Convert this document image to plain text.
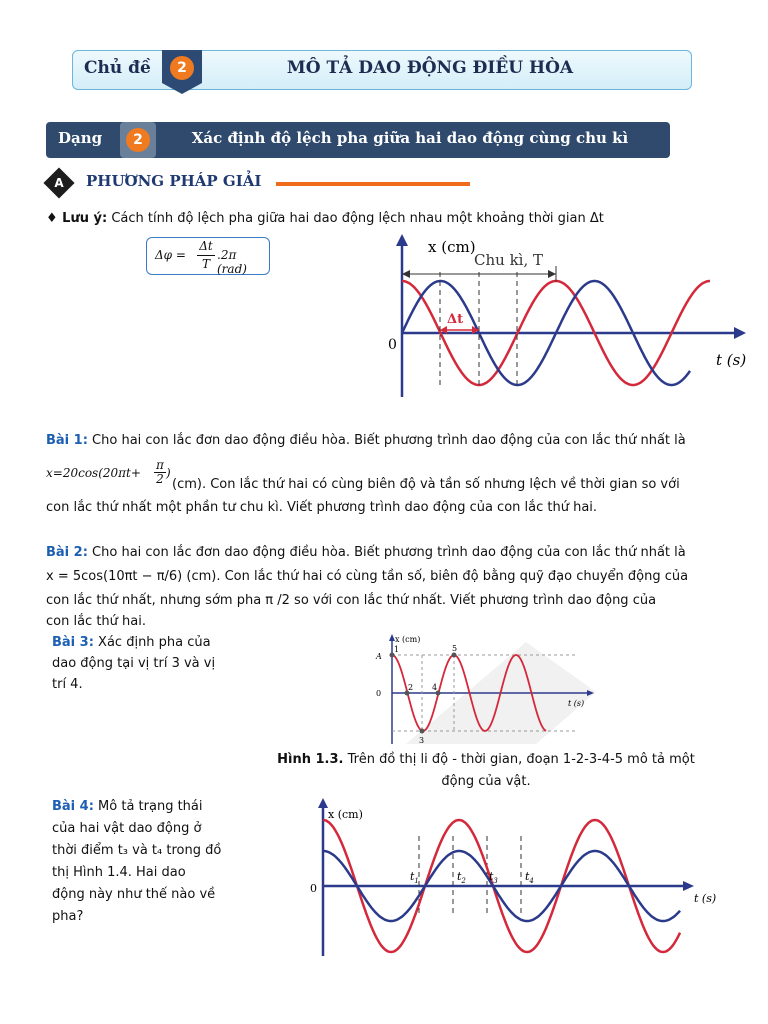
Chủ đề	2	MÔ TẢ DAO ĐỘNG ĐIỀU HÒA
Dạng	2	Xác định độ lệch pha giữa hai dao động cùng chu kì
A	PHƯƠNG PHÁP GIẢI
♦ Lưu ý: Cách tính độ lệch pha giữa hai dao động lệch nhau một khoảng thời gian Δt
Δφ =
Δt
T
.2π (rad)
x (cm)
t (s)
0
Chu kì, T
Δt
Bài 1: Cho hai con lắc đơn dao động điều hòa. Biết phương trình dao động của con lắc thứ nhất là
x=20cos(20πt+
π
2 )
(cm). Con lắc thứ hai có cùng biên độ và tần số nhưng lệch về thời gian so với
con lắc thứ nhất một phần tư chu kì. Viết phương trình dao động của con lắc thứ hai.
Bài 2: Cho hai con lắc đơn dao động điều hòa. Biết phương trình dao động của con lắc thứ nhất là
x = 5cos(10πt − π/6) (cm). Con lắc thứ hai có cùng tần số, biên độ bằng quỹ đạo chuyển động của
con lắc thứ nhất, nhưng sớm pha π /2 so với con lắc thứ nhất. Viết phương trình dao động của
con lắc thứ hai.
Bài 3: Xác định pha của
dao động tại vị trí 3 và vị
trí 4.
x (cm)
t (s)
0
A
1
2
3
4
5
Hình 1.3. Trên đồ thị li độ - thời gian, đoạn 1-2-3-4-5 mô tả một
động của vật.
Bài 4: Mô tả trạng thái
của hai vật dao động ở
thời điểm t₃ và t₄ trong đồ
thị Hình 1.4. Hai dao
động này như thế nào về
pha?
x (cm)
t (s)
0
$t_1$	$t_2$ $t_3$ $t_4$
